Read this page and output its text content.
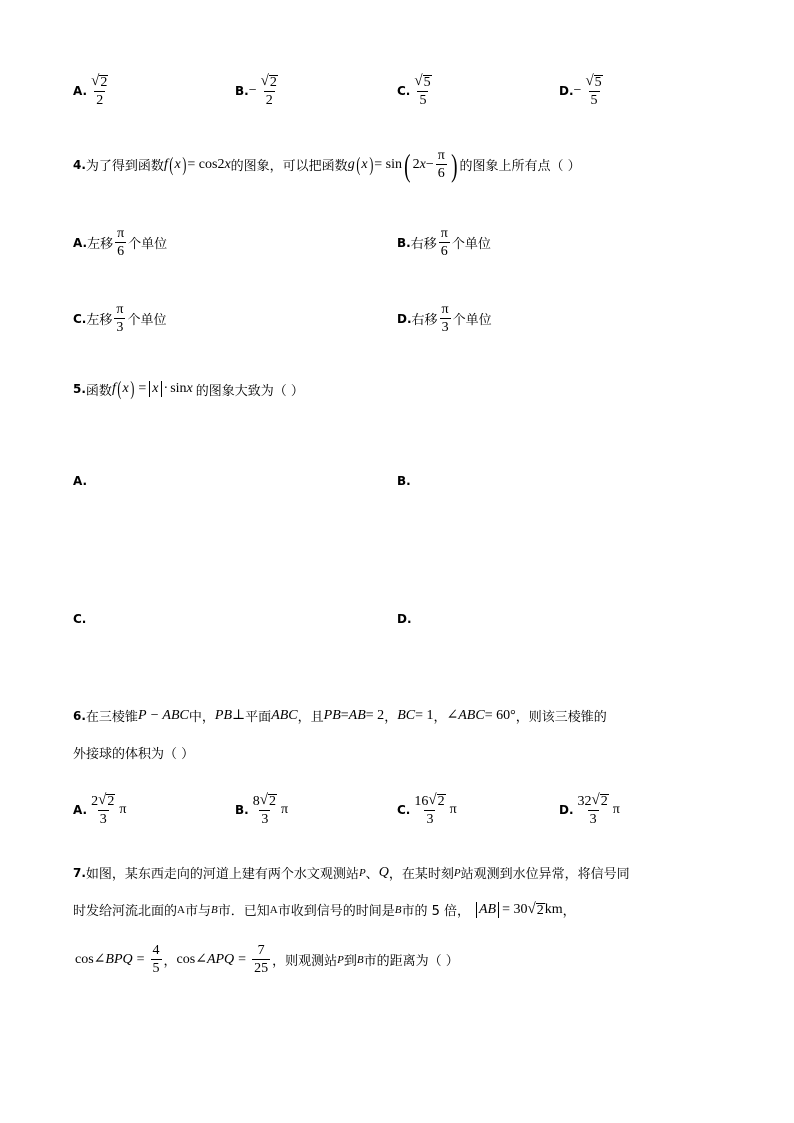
A. $\frac{√ 2}{2}$	B. − $\frac{√ 2}{2}$	C. $\frac{√ 5}{5}$	D. − $\frac{√ 5}{5}$
4. 为了得到函数 f ( x ) = cos2 x 的图象，可以把函数 g ( x ) = sin ( 2 $x - \frac{\pi}{6}$ ) 的图象上所有点（ ）
A. 左移 $\frac{\pi}{6}$ 个单位	B. 右移 $\frac{\pi}{6}$ 个单位
C. 左移 $\frac{\pi}{3}$ 个单位	D. 右移 $\frac{\pi}{3}$ 个单位
5. 函数 f ( x ) = x · sin x 的图象大致为（ ）
A.	B.
C.	D.
6. 在三棱锥 P − ABC 中， PB ⊥ 平面 ABC ，且 PB = AB = 2 ， BC = 1 ， ∠ ABC = 60° ，则该三棱锥的
外接球的体积为（ ）
A. $\frac{2 √ 2}{3}$ π	B. $\frac{8 √ 2}{3}$ π	C. $\frac{16 √ 2}{3}$ π	D. $\frac{32 √ 2}{3}$ π
7. 如图，某东西走向的河道上建有两个水文观测站 P 、 Q ，在某时刻 P 站观测到水位异常，将信号同
时发给河流北面的 A 市与 B 市．已知 A 市收到信号的时间是 B 市的 5 倍， AB = 30 √ 2 km ，
cos∠ BPQ = $\frac{4}{5}$ ， cos∠ APQ = $\frac{7}{25}$ ，则观测站 P 到 B 市的距离为（ ）
